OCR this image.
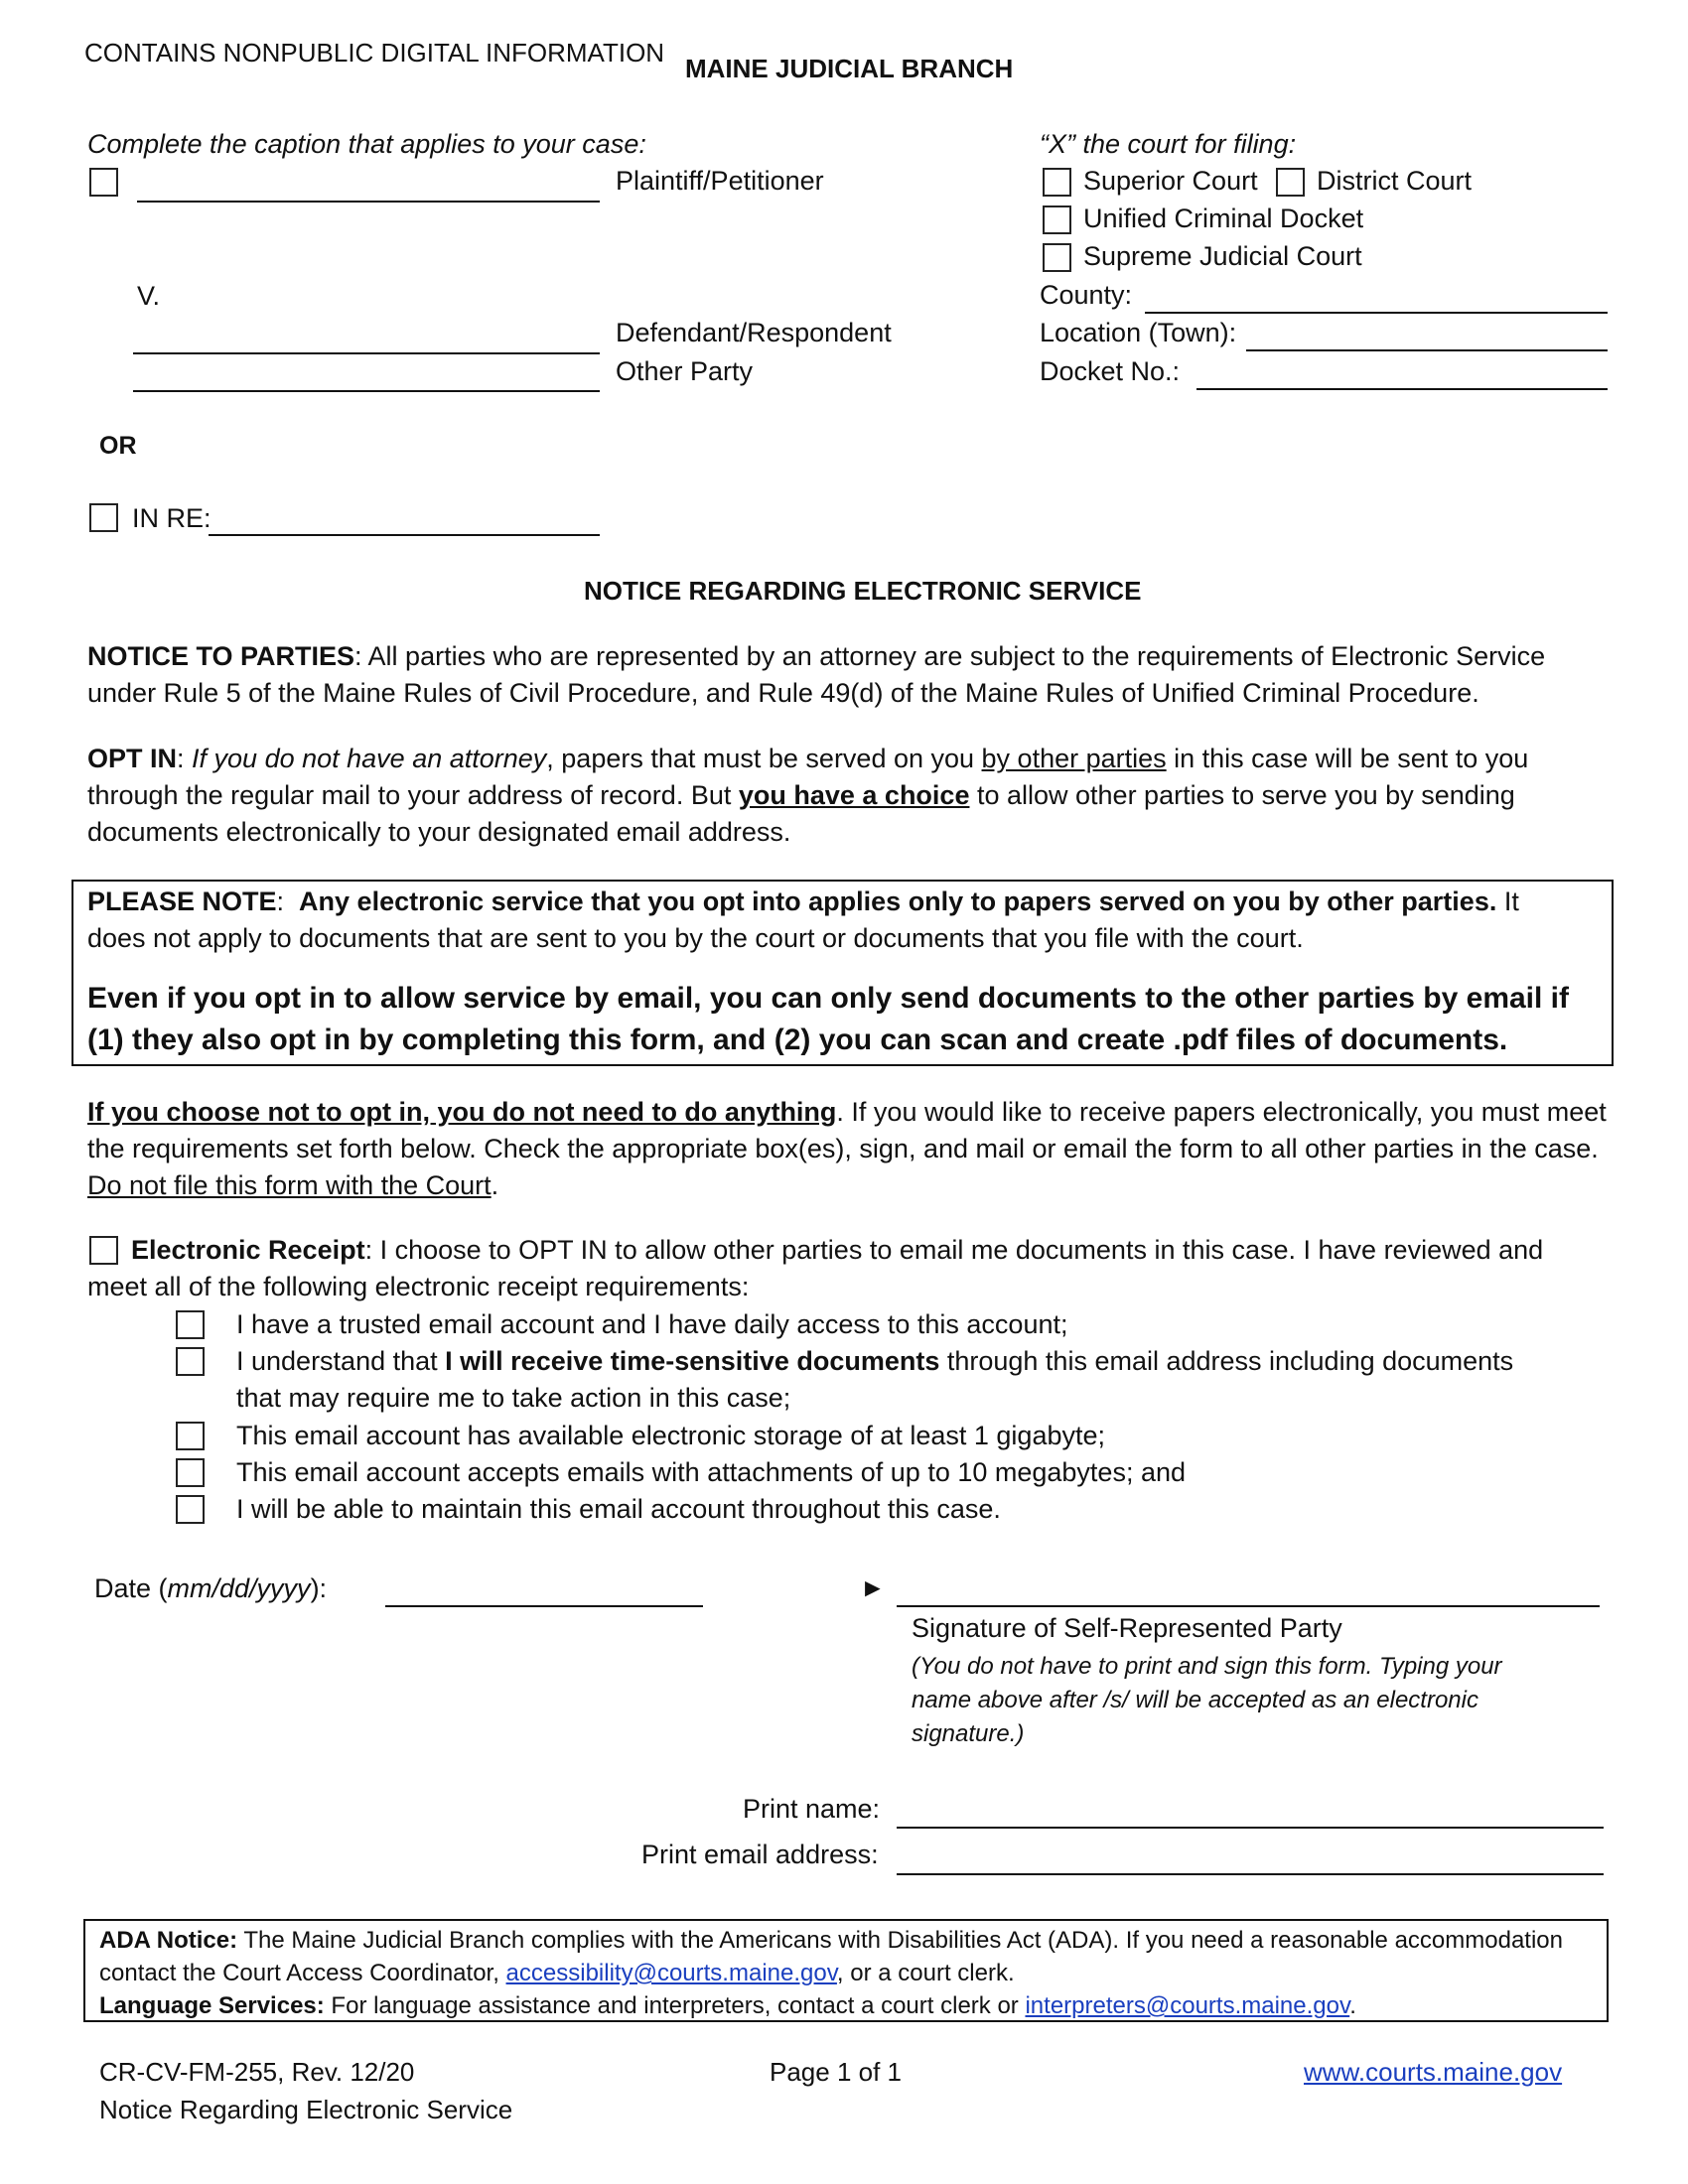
CONTAINS NONPUBLIC DIGITAL INFORMATION
MAINE JUDICIAL BRANCH
Complete the caption that applies to your case:
Plaintiff/Petitioner
V.
Defendant/Respondent
Other Party
OR
IN RE:
“X” the court for filing:
Superior Court District Court
Unified Criminal Docket
Supreme Judicial Court
County:
Location (Town):
Docket No.:
NOTICE REGARDING ELECTRONIC SERVICE
NOTICE TO PARTIES: All parties who are represented by an attorney are subject to the requirements of Electronic Service under Rule 5 of the Maine Rules of Civil Procedure, and Rule 49(d) of the Maine Rules of Unified Criminal Procedure.
OPT IN: If you do not have an attorney, papers that must be served on you by other parties in this case will be sent to you through the regular mail to your address of record. But you have a choice to allow other parties to serve you by sending documents electronically to your designated email address.
PLEASE NOTE:  Any electronic service that you opt into applies only to papers served on you by other parties. It does not apply to documents that are sent to you by the court or documents that you file with the court.
Even if you opt in to allow service by email, you can only send documents to the other parties by email if (1) they also opt in by completing this form, and (2) you can scan and create .pdf files of documents.
If you choose not to opt in, you do not need to do anything. If you would like to receive papers electronically, you must meet the requirements set forth below. Check the appropriate box(es), sign, and mail or email the form to all other parties in the case. Do not file this form with the Court.
Electronic Receipt: I choose to OPT IN to allow other parties to email me documents in this case. I have reviewed and meet all of the following electronic receipt requirements:
I have a trusted email account and I have daily access to this account;
I understand that I will receive time-sensitive documents through this email address including documents
that may require me to take action in this case;
This email account has available electronic storage of at least 1 gigabyte;
This email account accepts emails with attachments of up to 10 megabytes; and
I will be able to maintain this email account throughout this case.
Date (mm/dd/yyyy):	►
Signature of Self-Represented Party
(You do not have to print and sign this form. Typing your name above after /s/ will be accepted as an electronic signature.)
Print name:
Print email address:
ADA Notice: The Maine Judicial Branch complies with the Americans with Disabilities Act (ADA). If you need a reasonable accommodation contact the Court Access Coordinator, accessibility@courts.maine.gov, or a court clerk.
Language Services: For language assistance and interpreters, contact a court clerk or interpreters@courts.maine.gov.
CR-CV-FM-255, Rev. 12/20
Notice Regarding Electronic Service
Page 1 of 1	www.courts.maine.gov
